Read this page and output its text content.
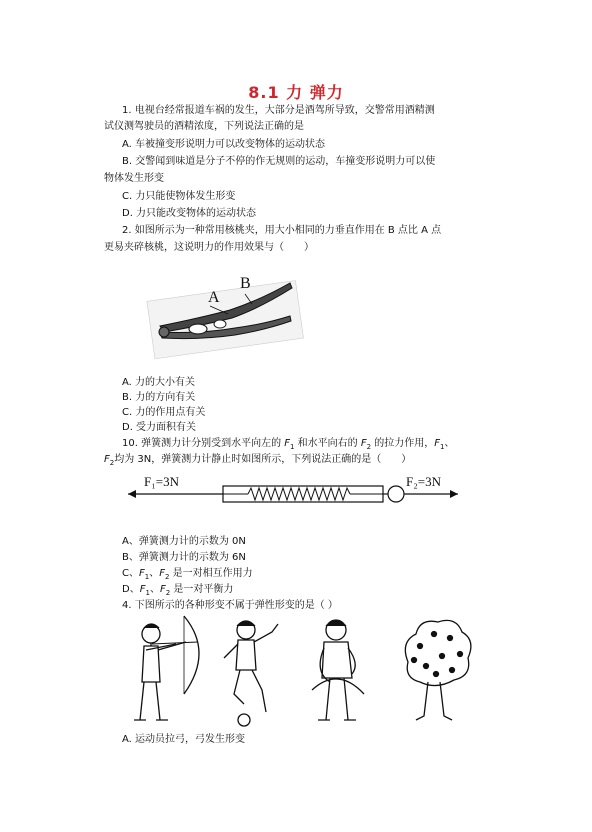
8.1 力 弹力
1. 电视台经常报道车祸的发生，大部分是酒驾所导致，交警常用酒精测
试仪测驾驶员的酒精浓度，下列说法正确的是
A. 车被撞变形说明力可以改变物体的运动状态
B. 交警闻到味道是分子不停的作无规则的运动，车撞变形说明力可以使
物体发生形变
C. 力只能使物体发生形变
D. 力只能改变物体的运动状态
2. 如图所示为一种常用核桃夹，用大小相同的力垂直作用在 B 点比 A 点
更易夹碎核桃，这说明力的作用效果与（　　）
A
B
A. 力的大小有关
B. 力的方向有关
C. 力的作用点有关
D. 受力面积有关
10. 弹簧测力计分别受到水平向左的 $F_1$ 和水平向右的 $F_2$ 的拉力作用，$F_1$、
$F_2$均为 3N，弹簧测力计静止时如图所示，下列说法正确的是（　　）
F₁=3N	F₂=3N
A、弹簧测力计的示数为 0N
B、弹簧测力计的示数为 6N
C、$F_1$、$F_2$ 是一对相互作用力
D、$F_1$、$F_2$ 是一对平衡力
4. 下图所示的各种形变不属于弹性形变的是（ ）
A. 运动员拉弓，弓发生形变
